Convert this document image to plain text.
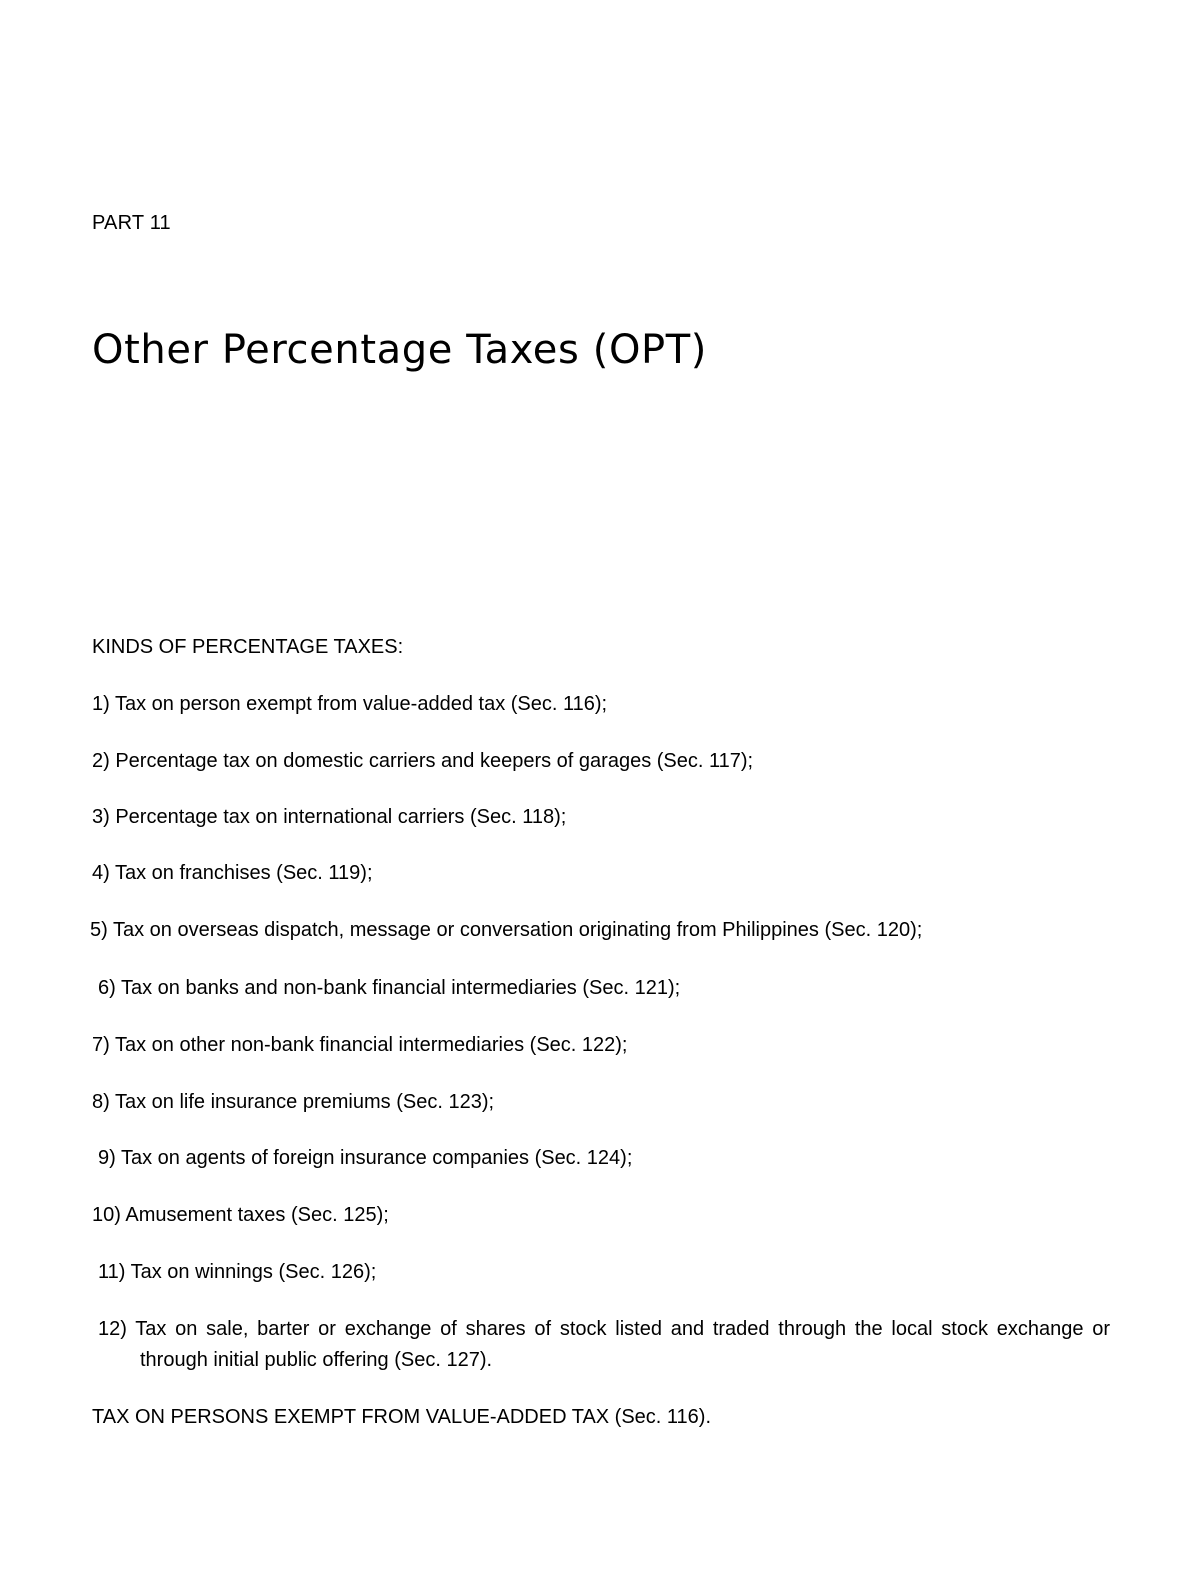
PART 11
Other Percentage Taxes (OPT)
KINDS OF PERCENTAGE TAXES:
1) Tax on person exempt from value-added tax (Sec. 116);
2) Percentage tax on domestic carriers and keepers of garages (Sec. 117);
3) Percentage tax on international carriers (Sec. 118);
4) Tax on franchises (Sec. 119);
5) Tax on overseas dispatch, message or conversation originating from Philippines (Sec. 120);
6) Tax on banks and non-bank financial intermediaries (Sec. 121);
7) Tax on other non-bank financial intermediaries (Sec. 122);
8) Tax on life insurance premiums (Sec. 123);
9) Tax on agents of foreign insurance companies (Sec. 124);
10) Amusement taxes (Sec. 125);
11) Tax on winnings (Sec. 126);
12) Tax on sale, barter or exchange of shares of stock listed and traded through the local stock exchange or through initial public offering (Sec. 127).
TAX ON PERSONS EXEMPT FROM VALUE-ADDED TAX (Sec. 116).
